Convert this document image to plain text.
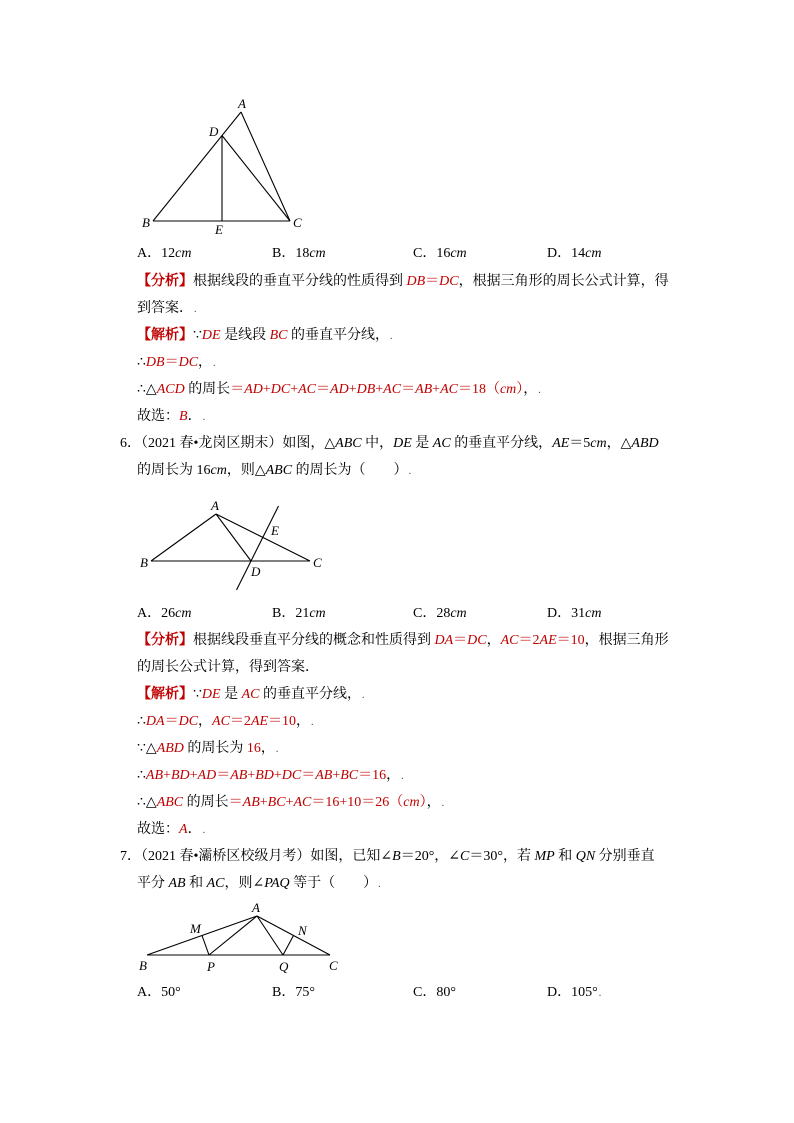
A
D
B	E	C
A．12cm	B．18cm	C．16cm	D．14cm
【分析】根据线段的垂直平分线的性质得到 DB＝DC，根据三角形的周长公式计算，得
到答案．.
【解析】∵DE 是线段 BC 的垂直平分线，.
∴DB＝DC，.
∴△ACD 的周长＝AD+DC+AC＝AD+DB+AC＝AB+AC＝18（cm），.
故选：B．.
6．（2021 春•龙岗区期末）如图，△ABC 中，DE 是 AC 的垂直平分线，AE＝5cm，△ABD
的周长为 16cm，则△ABC 的周长为（　　）.
A
E
B
D
C
A．26cm	B．21cm	C．28cm	D．31cm
【分析】根据线段垂直平分线的概念和性质得到 DA＝DC，AC＝2AE＝10，根据三角形
的周长公式计算，得到答案．
【解析】∵DE 是 AC 的垂直平分线，.
∴DA＝DC，AC＝2AE＝10，.
∵△ABD 的周长为 16，.
∴AB+BD+AD＝AB+BD+DC＝AB+BC＝16，.
∴△ABC 的周长＝AB+BC+AC＝16+10＝26（cm），.
故选：A．.
7．（2021 春•灞桥区校级月考）如图，已知∠B＝20°，∠C＝30°，若 MP 和 QN 分别垂直
平分 AB 和 AC，则∠PAQ 等于（　　）.
A
M	N
B	P	Q	C
A．50°	B．75°	C．80°	D．105°.
